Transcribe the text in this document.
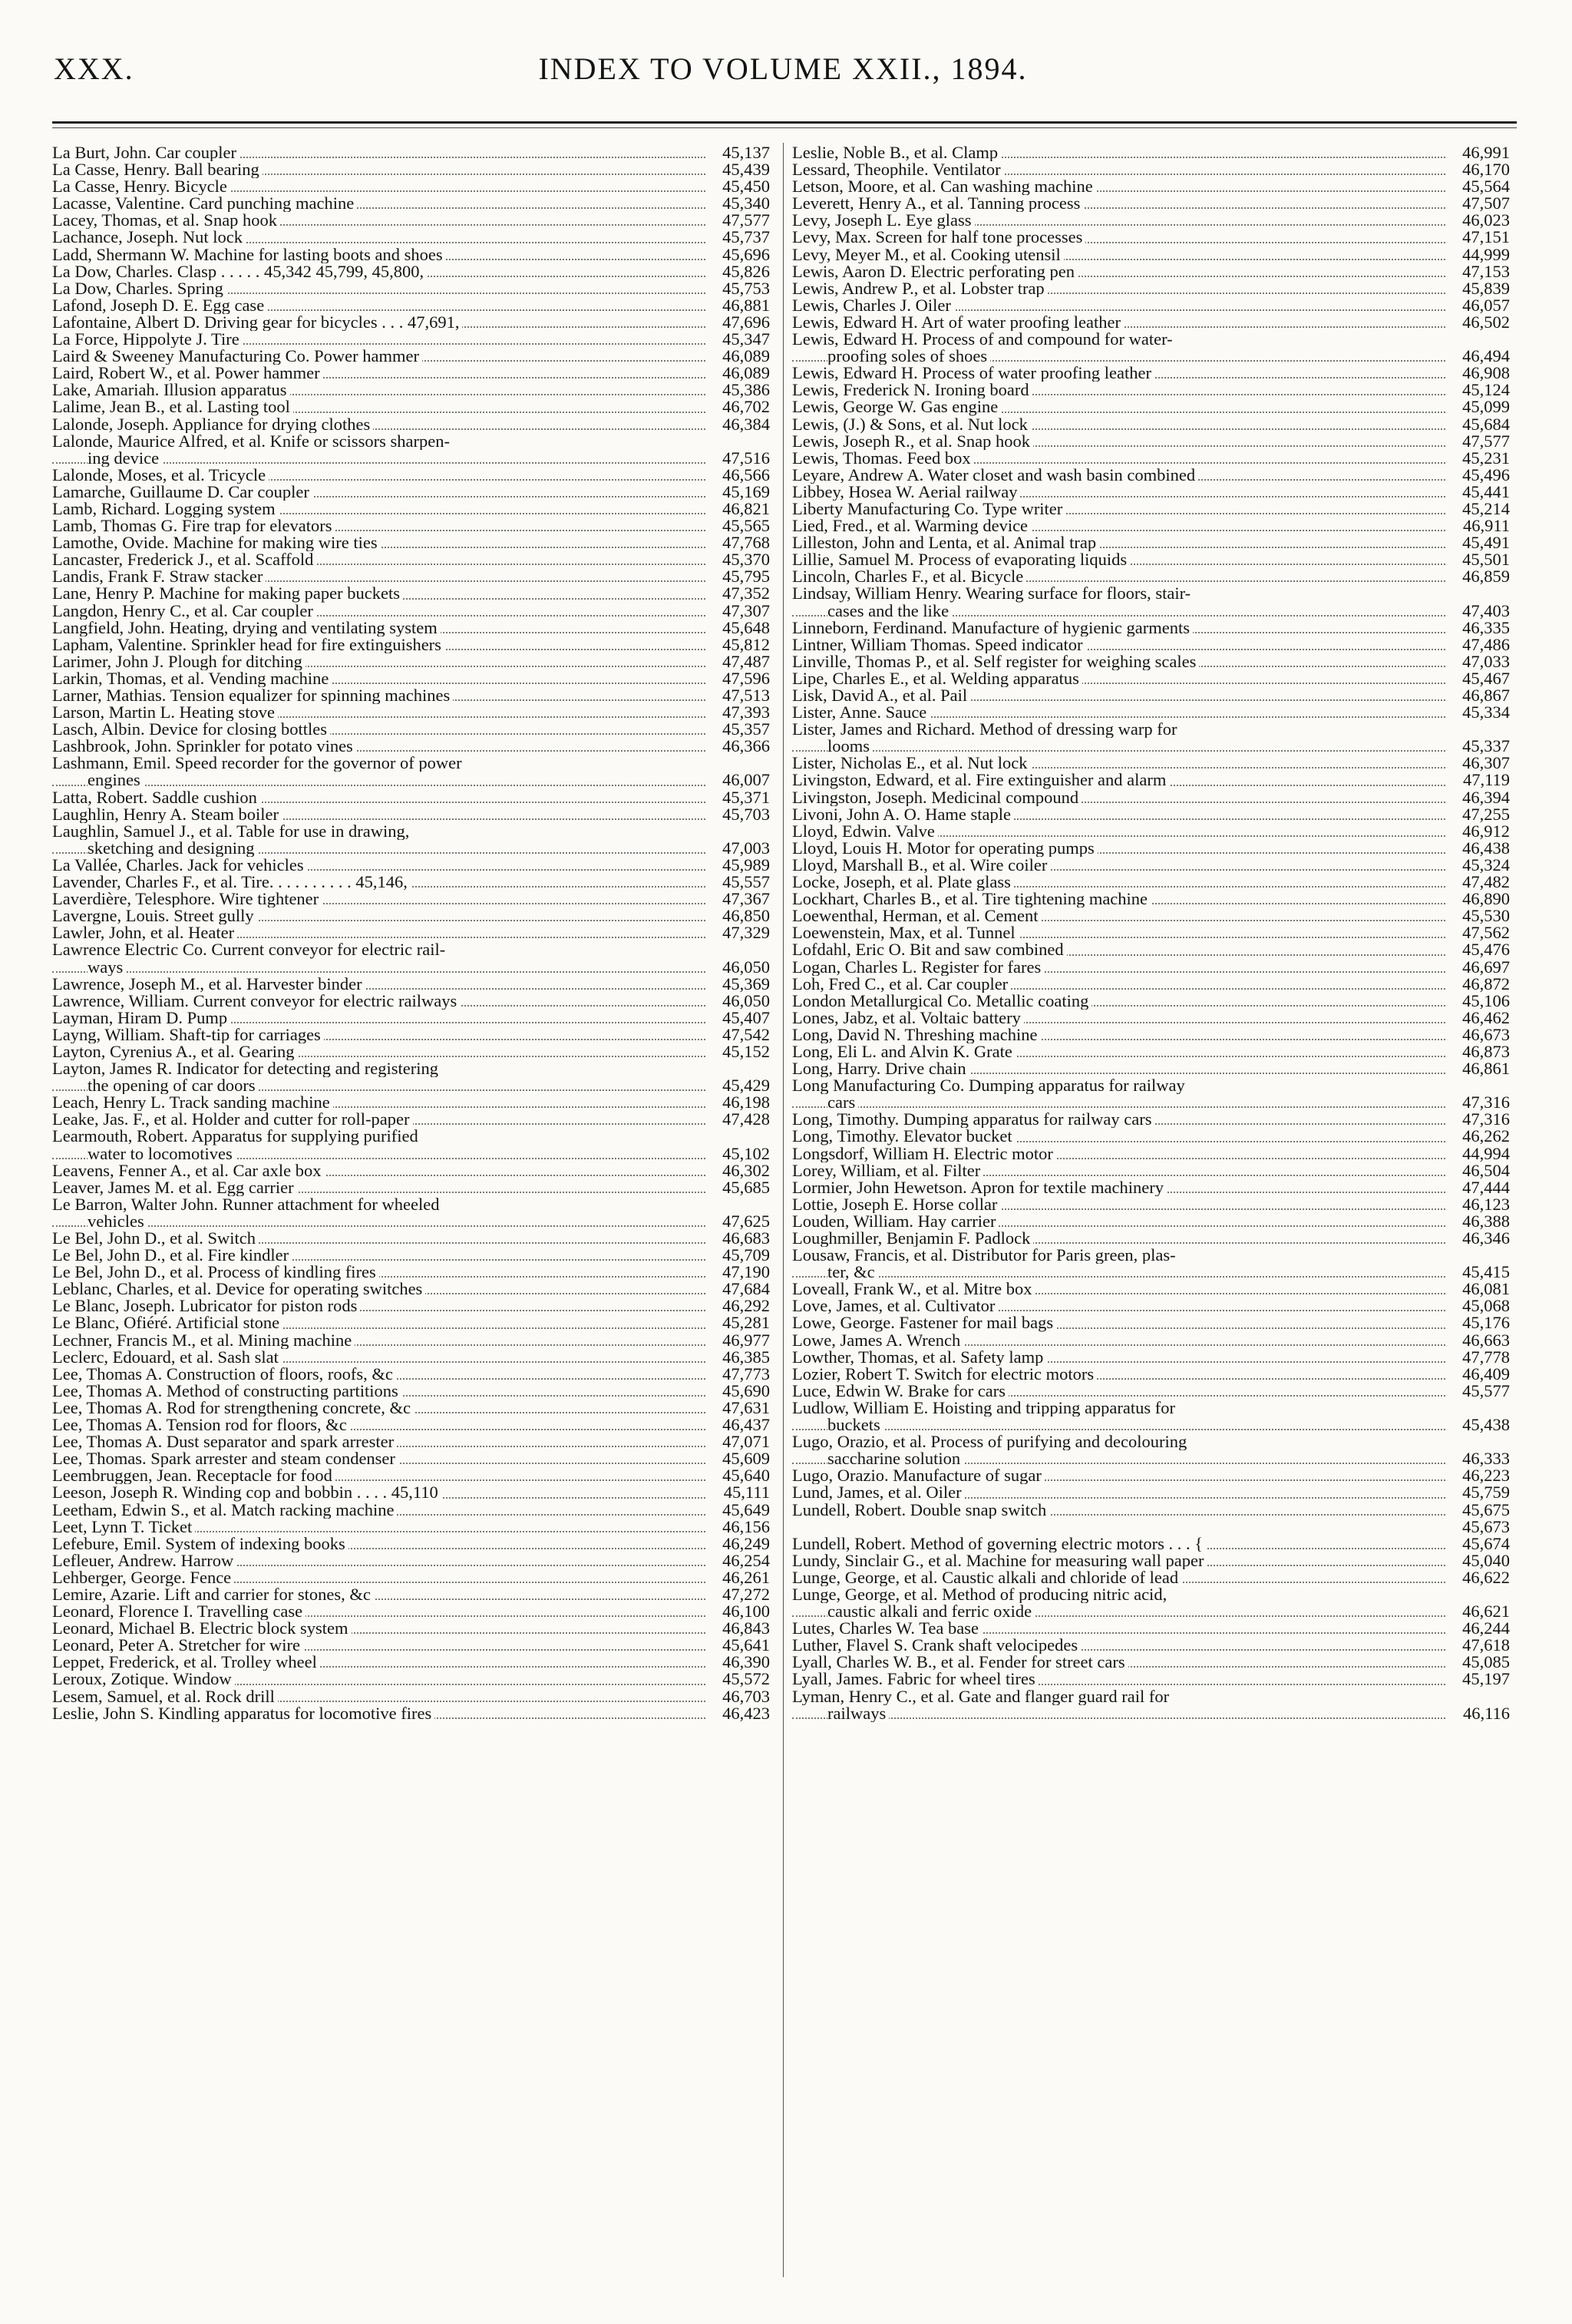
XXX.	INDEX TO VOLUME XXII., 1894.
La Burt, John. Car coupler	45,137
La Casse, Henry. Ball bearing	45,439
La Casse, Henry. Bicycle	45,450
Lacasse, Valentine. Card punching machine	45,340
Lacey, Thomas, et al. Snap hook	47,577
Lachance, Joseph. Nut lock	45,737
Ladd, Shermann W. Machine for lasting boots and shoes	45,696
La Dow, Charles. Clasp . . . . . 45,342 45,799, 45,800,	45,826
La Dow, Charles. Spring	45,753
Lafond, Joseph D. E. Egg case	46,881
Lafontaine, Albert D. Driving gear for bicycles . . . 47,691,	47,696
La Force, Hippolyte J. Tire	45,347
Laird & Sweeney Manufacturing Co. Power hammer	46,089
Laird, Robert W., et al. Power hammer	46,089
Lake, Amariah. Illusion apparatus	45,386
Lalime, Jean B., et al. Lasting tool	46,702
Lalonde, Joseph. Appliance for drying clothes	46,384
Lalonde, Maurice Alfred, et al. Knife or scissors sharpen-
ing device	47,516
Lalonde, Moses, et al. Tricycle	46,566
Lamarche, Guillaume D. Car coupler	45,169
Lamb, Richard. Logging system	46,821
Lamb, Thomas G. Fire trap for elevators	45,565
Lamothe, Ovide. Machine for making wire ties	47,768
Lancaster, Frederick J., et al. Scaffold	45,370
Landis, Frank F. Straw stacker	45,795
Lane, Henry P. Machine for making paper buckets	47,352
Langdon, Henry C., et al. Car coupler	47,307
Langfield, John. Heating, drying and ventilating system	45,648
Lapham, Valentine. Sprinkler head for fire extinguishers	45,812
Larimer, John J. Plough for ditching	47,487
Larkin, Thomas, et al. Vending machine	47,596
Larner, Mathias. Tension equalizer for spinning machines	47,513
Larson, Martin L. Heating stove	47,393
Lasch, Albin. Device for closing bottles	45,357
Lashbrook, John. Sprinkler for potato vines	46,366
Lashmann, Emil. Speed recorder for the governor of power
engines	46,007
Latta, Robert. Saddle cushion	45,371
Laughlin, Henry A. Steam boiler	45,703
Laughlin, Samuel J., et al. Table for use in drawing,
sketching and designing	47,003
La Vallée, Charles. Jack for vehicles	45,989
Lavender, Charles F., et al. Tire. . . . . . . . . . 45,146,	45,557
Laverdière, Telesphore. Wire tightener	47,367
Lavergne, Louis. Street gully	46,850
Lawler, John, et al. Heater	47,329
Lawrence Electric Co. Current conveyor for electric rail-
ways	46,050
Lawrence, Joseph M., et al. Harvester binder	45,369
Lawrence, William. Current conveyor for electric railways	46,050
Layman, Hiram D. Pump	45,407
Layng, William. Shaft-tip for carriages	47,542
Layton, Cyrenius A., et al. Gearing	45,152
Layton, James R. Indicator for detecting and registering
the opening of car doors	45,429
Leach, Henry L. Track sanding machine	46,198
Leake, Jas. F., et al. Holder and cutter for roll-paper	47,428
Learmouth, Robert. Apparatus for supplying purified
water to locomotives	45,102
Leavens, Fenner A., et al. Car axle box	46,302
Leaver, James M. et al. Egg carrier	45,685
Le Barron, Walter John. Runner attachment for wheeled
vehicles	47,625
Le Bel, John D., et al. Switch	46,683
Le Bel, John D., et al. Fire kindler	45,709
Le Bel, John D., et al. Process of kindling fires	47,190
Leblanc, Charles, et al. Device for operating switches	47,684
Le Blanc, Joseph. Lubricator for piston rods	46,292
Le Blanc, Ofiéré. Artificial stone	45,281
Lechner, Francis M., et al. Mining machine	46,977
Leclerc, Edouard, et al. Sash slat	46,385
Lee, Thomas A. Construction of floors, roofs, &c	47,773
Lee, Thomas A. Method of constructing partitions	45,690
Lee, Thomas A. Rod for strengthening concrete, &c	47,631
Lee, Thomas A. Tension rod for floors, &c	46,437
Lee, Thomas A. Dust separator and spark arrester	47,071
Lee, Thomas. Spark arrester and steam condenser	45,609
Leembruggen, Jean. Receptacle for food	45,640
Leeson, Joseph R. Winding cop and bobbin . . . . 45,110	45,111
Leetham, Edwin S., et al. Match racking machine	45,649
Leet, Lynn T. Ticket	46,156
Lefebure, Emil. System of indexing books	46,249
Lefleuer, Andrew. Harrow	46,254
Lehberger, George. Fence	46,261
Lemire, Azarie. Lift and carrier for stones, &c	47,272
Leonard, Florence I. Travelling case	46,100
Leonard, Michael B. Electric block system	46,843
Leonard, Peter A. Stretcher for wire	45,641
Leppet, Frederick, et al. Trolley wheel	46,390
Leroux, Zotique. Window	45,572
Lesem, Samuel, et al. Rock drill	46,703
Leslie, John S. Kindling apparatus for locomotive fires	46,423
Leslie, Noble B., et al. Clamp	46,991
Lessard, Theophile. Ventilator	46,170
Letson, Moore, et al. Can washing machine	45,564
Leverett, Henry A., et al. Tanning process	47,507
Levy, Joseph L. Eye glass	46,023
Levy, Max. Screen for half tone processes	47,151
Levy, Meyer M., et al. Cooking utensil	44,999
Lewis, Aaron D. Electric perforating pen	47,153
Lewis, Andrew P., et al. Lobster trap	45,839
Lewis, Charles J. Oiler	46,057
Lewis, Edward H. Art of water proofing leather	46,502
Lewis, Edward H. Process of and compound for water-
proofing soles of shoes	46,494
Lewis, Edward H. Process of water proofing leather	46,908
Lewis, Frederick N. Ironing board	45,124
Lewis, George W. Gas engine	45,099
Lewis, (J.) & Sons, et al. Nut lock	45,684
Lewis, Joseph R., et al. Snap hook	47,577
Lewis, Thomas. Feed box	45,231
Leyare, Andrew A. Water closet and wash basin combined	45,496
Libbey, Hosea W. Aerial railway	45,441
Liberty Manufacturing Co. Type writer	45,214
Lied, Fred., et al. Warming device	46,911
Lilleston, John and Lenta, et al. Animal trap	45,491
Lillie, Samuel M. Process of evaporating liquids	45,501
Lincoln, Charles F., et al. Bicycle	46,859
Lindsay, William Henry. Wearing surface for floors, stair-
cases and the like	47,403
Linneborn, Ferdinand. Manufacture of hygienic garments	46,335
Lintner, William Thomas. Speed indicator	47,486
Linville, Thomas P., et al. Self register for weighing scales	47,033
Lipe, Charles E., et al. Welding apparatus	45,467
Lisk, David A., et al. Pail	46,867
Lister, Anne. Sauce	45,334
Lister, James and Richard. Method of dressing warp for
looms	45,337
Lister, Nicholas E., et al. Nut lock	46,307
Livingston, Edward, et al. Fire extinguisher and alarm	47,119
Livingston, Joseph. Medicinal compound	46,394
Livoni, John A. O. Hame staple	47,255
Lloyd, Edwin. Valve	46,912
Lloyd, Louis H. Motor for operating pumps	46,438
Lloyd, Marshall B., et al. Wire coiler	45,324
Locke, Joseph, et al. Plate glass	47,482
Lockhart, Charles B., et al. Tire tightening machine	46,890
Loewenthal, Herman, et al. Cement	45,530
Loewenstein, Max, et al. Tunnel	47,562
Lofdahl, Eric O. Bit and saw combined	45,476
Logan, Charles L. Register for fares	46,697
Loh, Fred C., et al. Car coupler	46,872
London Metallurgical Co. Metallic coating	45,106
Lones, Jabz, et al. Voltaic battery	46,462
Long, David N. Threshing machine	46,673
Long, Eli L. and Alvin K. Grate	46,873
Long, Harry. Drive chain	46,861
Long Manufacturing Co. Dumping apparatus for railway
cars	47,316
Long, Timothy. Dumping apparatus for railway cars	47,316
Long, Timothy. Elevator bucket	46,262
Longsdorf, William H. Electric motor	44,994
Lorey, William, et al. Filter	46,504
Lormier, John Hewetson. Apron for textile machinery	47,444
Lottie, Joseph E. Horse collar	46,123
Louden, William. Hay carrier	46,388
Loughmiller, Benjamin F. Padlock	46,346
Lousaw, Francis, et al. Distributor for Paris green, plas-
ter, &c	45,415
Loveall, Frank W., et al. Mitre box	46,081
Love, James, et al. Cultivator	45,068
Lowe, George. Fastener for mail bags	45,176
Lowe, James A. Wrench	46,663
Lowther, Thomas, et al. Safety lamp	47,778
Lozier, Robert T. Switch for electric motors	46,409
Luce, Edwin W. Brake for cars	45,577
Ludlow, William E. Hoisting and tripping apparatus for
buckets	45,438
Lugo, Orazio, et al. Process of purifying and decolouring
saccharine solution	46,333
Lugo, Orazio. Manufacture of sugar	46,223
Lund, James, et al. Oiler	45,759
Lundell, Robert. Double snap switch	45,675
45,673
Lundell, Robert. Method of governing electric motors . . . {	45,674
Lundy, Sinclair G., et al. Machine for measuring wall paper	45,040
Lunge, George, et al. Caustic alkali and chloride of lead	46,622
Lunge, George, et al. Method of producing nitric acid,
caustic alkali and ferric oxide	46,621
Lutes, Charles W. Tea base	46,244
Luther, Flavel S. Crank shaft velocipedes	47,618
Lyall, Charles W. B., et al. Fender for street cars	45,085
Lyall, James. Fabric for wheel tires	45,197
Lyman, Henry C., et al. Gate and flanger guard rail for
railways	46,116
